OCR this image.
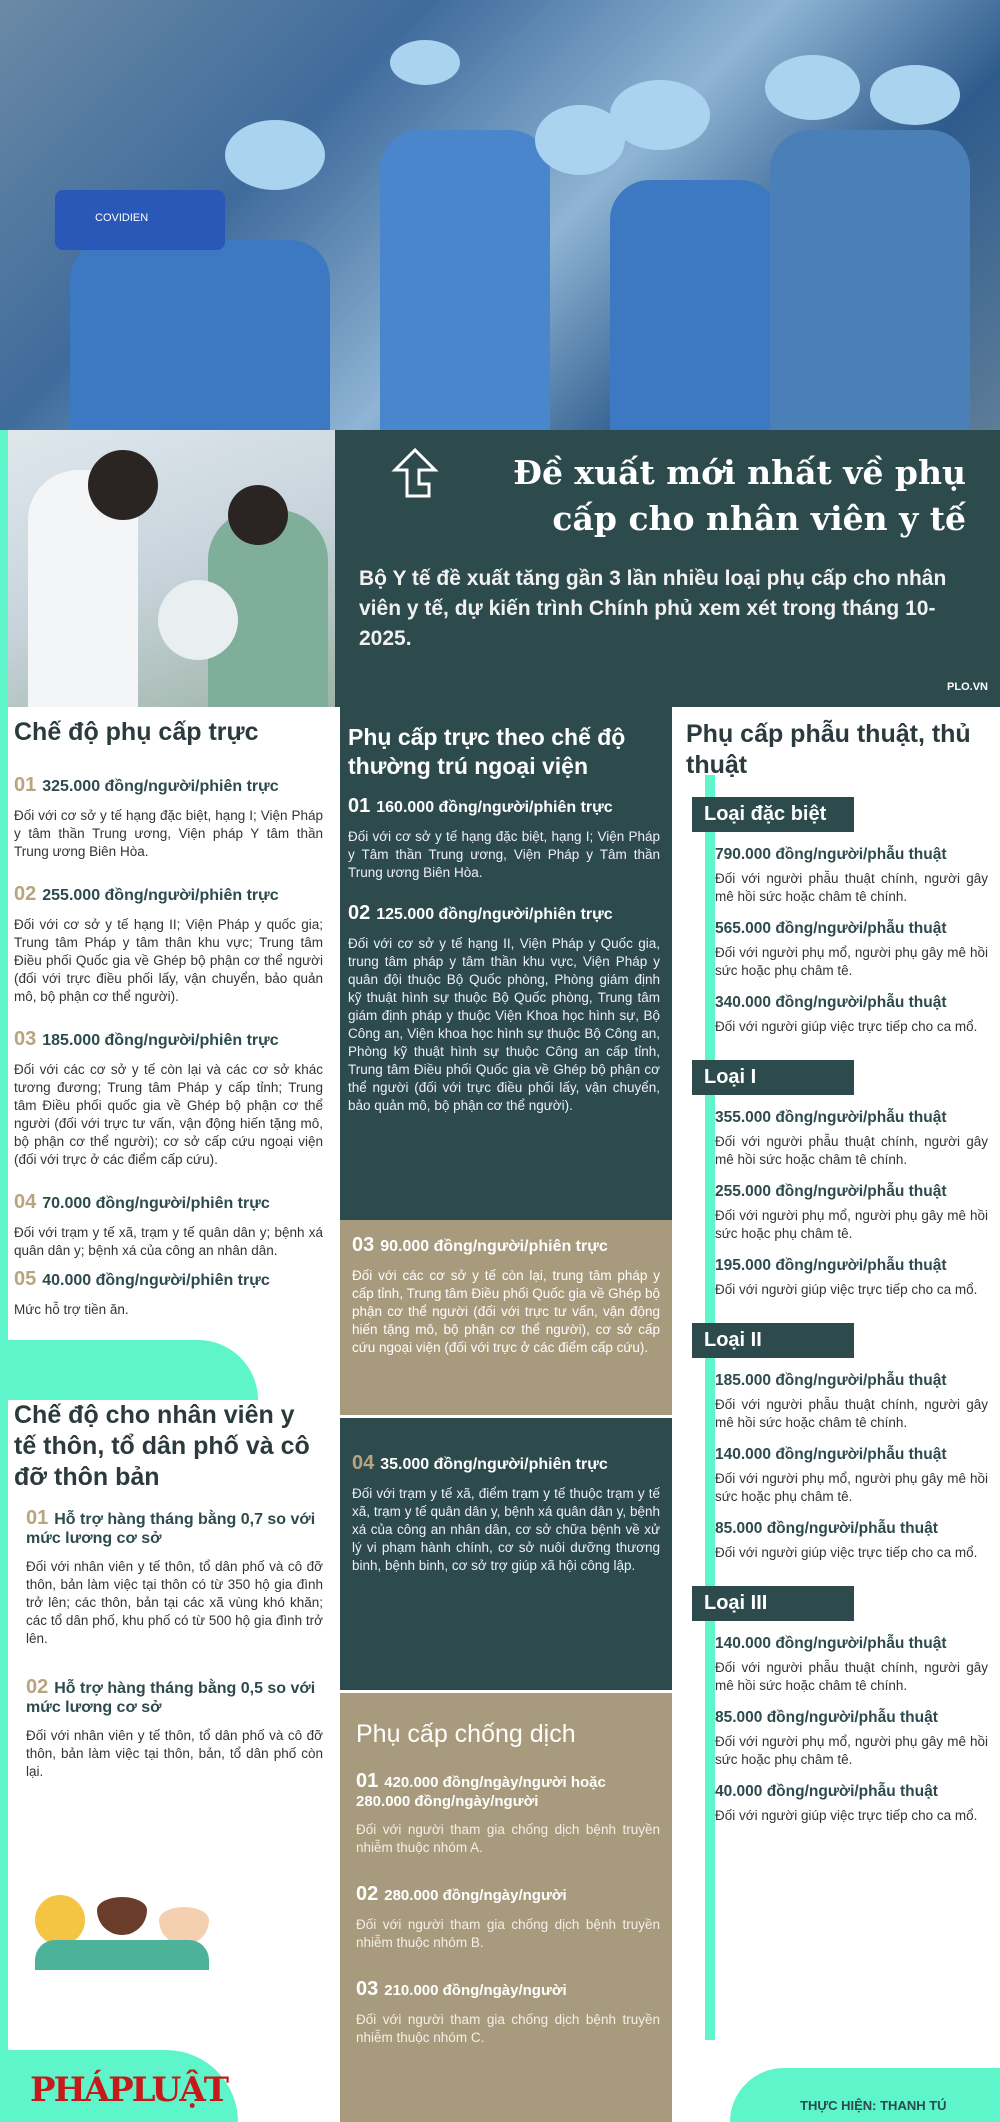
COVIDIEN
Đề xuất mới nhất về phụ cấp cho nhân viên y tế

Bộ Y tế đề xuất tăng gần 3 lần nhiều loại phụ cấp cho nhân viên y tế, dự kiến trình Chính phủ xem xét trong tháng 10-2025.

PLO.VN
Chế độ phụ cấp trực
01 325.000 đồng/người/phiên trực
Đối với cơ sở y tế hạng đặc biệt, hạng I; Viện Pháp y tâm thần Trung ương, Viện pháp Y tâm thần Trung ương Biên Hòa.
02 255.000 đồng/người/phiên trực
Đối với cơ sở y tế hạng II; Viện Pháp y quốc gia; Trung tâm Pháp y tâm thân khu vực; Trung tâm Điều phối Quốc gia về Ghép bộ phận cơ thể người (đối với trực điều phối lấy, vận chuyển, bảo quản mô, bộ phận cơ thể người).
03 185.000 đồng/người/phiên trực
Đối với các cơ sở y tế còn lại và các cơ sở khác tương đương; Trung tâm Pháp y cấp tỉnh; Trung tâm Điều phối quốc gia về Ghép bộ phận cơ thể người (đối với trực tư vấn, vận động hiến tặng mô, bộ phận cơ thể người); cơ sở cấp cứu ngoại viện (đối với trực ở các điểm cấp cứu).
04 70.000 đồng/người/phiên trực
Đối với trạm y tế xã, trạm y tế quân dân y; bệnh xá quân dân y; bệnh xá của công an nhân dân.
05 40.000 đồng/người/phiên trực
Mức hỗ trợ tiền ăn.
Chế độ cho nhân viên y tế thôn, tổ dân phố và cô đỡ thôn bản
01 Hỗ trợ hàng tháng bằng 0,7 so với mức lương cơ sở
Đối với nhân viên y tế thôn, tổ dân phố và cô đỡ thôn, bản làm việc tại thôn có từ 350 hộ gia đình trở lên; các thôn, bản tại các xã vùng khó khăn; các tổ dân phố, khu phố có từ 500 hộ gia đình trở lên.
02 Hỗ trợ hàng tháng bằng 0,5 so với mức lương cơ sở
Đối với nhân viên y tế thôn, tổ dân phố và cô đỡ thôn, bản làm việc tại thôn, bản, tổ dân phố còn lại.
PHÁPLUẬT
Phụ cấp trực theo chế độ thường trú ngoại viện
01 160.000 đồng/người/phiên trực
Đối với cơ sở y tế hạng đặc biệt, hạng I; Viện Pháp y Tâm thần Trung ương, Viện Pháp y Tâm thần Trung ương Biên Hòa.
02 125.000 đồng/người/phiên trực
Đối với cơ sở y tế hạng II, Viện Pháp y Quốc gia, trung tâm pháp y tâm thần khu vực, Viện Pháp y quân đội thuộc Bộ Quốc phòng, Phòng giám định kỹ thuật hình sự thuộc Bộ Quốc phòng, Trung tâm giám định pháp y thuộc Viện Khoa học hình sự, Bộ Công an, Viện khoa học hình sự thuộc Bộ Công an, Phòng kỹ thuật hình sự thuộc Công an cấp tỉnh, Trung tâm Điều phối Quốc gia về Ghép bộ phận cơ thể người (đối với trực điều phối lấy, vận chuyển, bảo quản mô, bộ phận cơ thể người).
03 90.000 đồng/người/phiên trực
Đối với các cơ sở y tế còn lại, trung tâm pháp y cấp tỉnh, Trung tâm Điều phối Quốc gia về Ghép bộ phận cơ thể người (đối với trực tư vấn, vận động hiến tặng mô, bộ phận cơ thể người), cơ sở cấp cứu ngoại viện (đối với trực ở các điểm cấp cứu).
04 35.000 đồng/người/phiên trực
Đối với trạm y tế xã, điểm trạm y tế thuộc trạm y tế xã, trạm y tế quân dân y, bệnh xá quân dân y, bệnh xá của công an nhân dân, cơ sở chữa bệnh về xử lý vi phạm hành chính, cơ sở nuôi dưỡng thương binh, bệnh binh, cơ sở trợ giúp xã hội công lập.
Phụ cấp chống dịch
01 420.000 đồng/ngày/người hoặc 280.000 đồng/ngày/người
Đối với người tham gia chống dịch bệnh truyền nhiễm thuộc nhóm A.
02 280.000 đồng/ngày/người
Đối với người tham gia chống dịch bệnh truyền nhiễm thuộc nhóm B.
03 210.000 đồng/ngày/người
Đối với người tham gia chống dịch bệnh truyền nhiễm thuộc nhóm C.
Phụ cấp phẫu thuật, thủ thuật
Loại đặc biệt
790.000 đồng/người/phẫu thuật
Đối với người phẫu thuật chính, người gây mê hồi sức hoặc châm tê chính.
565.000 đồng/người/phẫu thuật
Đối với người phụ mổ, người phụ gây mê hồi sức hoặc phụ châm tê.
340.000 đồng/người/phẫu thuật
Đối với người giúp việc trực tiếp cho ca mổ.
Loại I
355.000 đồng/người/phẫu thuật
Đối với người phẫu thuật chính, người gây mê hồi sức hoặc châm tê chính.
255.000 đồng/người/phẫu thuật
Đối với người phụ mổ, người phụ gây mê hồi sức hoặc phụ châm tê.
195.000 đồng/người/phẫu thuật
Đối với người giúp việc trực tiếp cho ca mổ.
Loại II
185.000 đồng/người/phẫu thuật
Đối với người phẫu thuật chính, người gây mê hồi sức hoặc châm tê chính.
140.000 đồng/người/phẫu thuật
Đối với người phụ mổ, người phụ gây mê hồi sức hoặc phụ châm tê.
85.000 đồng/người/phẫu thuật
Đối với người giúp việc trực tiếp cho ca mổ.
Loại III
140.000 đồng/người/phẫu thuật
Đối với người phẫu thuật chính, người gây mê hồi sức hoặc châm tê chính.
85.000 đồng/người/phẫu thuật
Đối với người phụ mổ, người phụ gây mê hồi sức hoặc phụ châm tê.
40.000 đồng/người/phẫu thuật
Đối với người giúp việc trực tiếp cho ca mổ.
THỰC HIỆN: THANH TÚ
